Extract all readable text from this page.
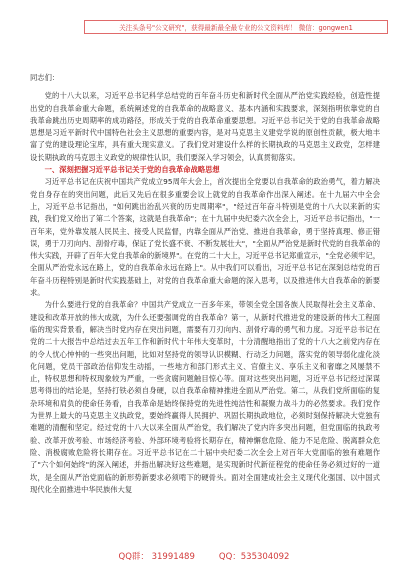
关注头条号"公文研究"，获得最新最全最专业的公文资料库！ 微信：gongwen1

同志们：

党的十八大以来，习近平总书记科学总结党的百年奋斗历史和新时代全面从严治党实践经验，创造性提出党的自我革命重大命题，系统阐述党的自我革命的战略意义、基本内涵和实践要求，深刻指明依靠党的自我革命跳出历史周期率的成功路径，形成关于党的自我革命重要思想。习近平总书记关于党的自我革命战略思想是习近平新时代中国特色社会主义思想的重要内容，是对马克思主义建党学说的原创性贡献，极大地丰富了党的建设理论宝库，具有重大现实意义。了我们党对建设什么样的长期执政的马克思主义政党，怎样建设长期执政的马克思主义政党的规律性认识，我们要深入学习领会，认真贯彻落实。

一、深刻把握习近平总书记关于党的自我革命战略思想

习近平总书记在庆祝中国共产党成立95周年大会上，首次提出全党要以自我革命的政治勇气，着力解决党自身存在的突出问题，此后又先后在很多重要会议上就党的自我革命作出深入阐述。在十九届六中全会上，习近平总书记指出，"如何跳出治乱兴衰的历史周期率"，"经过百年奋斗特别是党的十八大以来新的实践，我们党又给出了第二个答案，这就是自我革命"；在十九届中央纪委六次全会上，习近平总书记指出，"一百年来，党外靠发展人民民主、接受人民监督，内靠全面从严治党、推进自我革命，勇于坚持真理、修正错误，勇于刀刃向内、刮骨疗毒，保证了党长盛不衰、不断发展壮大"，"全面从严治党是新时代党的自我革命的伟大实践，开辟了百年大党自我革命的新境界"。在党的二十大上，习近平总书记郑重宣示，"全党必须牢记，全面从严治党永远在路上，党的自我革命永远在路上"。从中我们可以看出，习近平总书记在深刻总结党的百年奋斗历程特别是新时代实践基础上，对党的自我革命重大命题的深入思考，以及推进伟大自我革命的新要求。

为什么要进行党的自我革命？中国共产党成立一百多年来，带领全党全国各族人民取得社会主义革命、建设和改革开放的伟大成就，为什么还要强调党的自我革命？第一，从新时代推进党的建设新的伟大工程面临的现实背景看，解决当时党内存在突出问题，需要有刀刃向内、刮骨疗毒的勇气和力度。习近平总书记在党的二十大报告中总结过去五年工作和新时代十年伟大变革时，十分清醒地指出了党的十八大之前党内存在的令人忧心忡忡的一些突出问题，比如对坚持党的领导认识模糊、行动乏力问题，落实党的领导弱化虚化淡化问题，党员干部政治信仰发生动摇，一些地方和部门形式主义、官僚主义、享乐主义和奢靡之风屡禁不止，特权思想和特权现象较为严重，一些贪腐问题触目惊心等。面对这些突出问题，习近平总书记经过深谋思考得出的结论是，坚持打铁必须自身硬，以自我革命精神推进全面从严治党。第二，从我们党所面临的复杂环境和肩负的使命任务看，自我革命是始终保持党的先进性纯洁性和凝聚力战斗力的必然要求。我们党作为世界上最大的马克思主义执政党，要始终赢得人民拥护、巩固长期执政地位，必须时刻保持解决大党独有难题的清醒和坚定。经过党的十八大以来全面从严治党，我们解决了党内许多突出问题，但党面临的执政考验、改革开放考验、市场经济考验、外部环境考验将长期存在，精神懈怠危险、能力不足危险、脱离群众危险、消极腐败危险将长期存在。习近平总书记在二十届中央纪委二次全会上对百年大党面临的独有难题作了"六个如何始终"的深入阐述，并指出解决好这些难题，是实现新时代新征程党的使命任务必须过好的一道坎，是全面从严治党面临的新形势新要求必须啃下的硬骨头。面对全面建成社会主义现代化强国、以中国式现代化全面推进中华民族伟大复

QQ群： 31991489	QQ：535304092
